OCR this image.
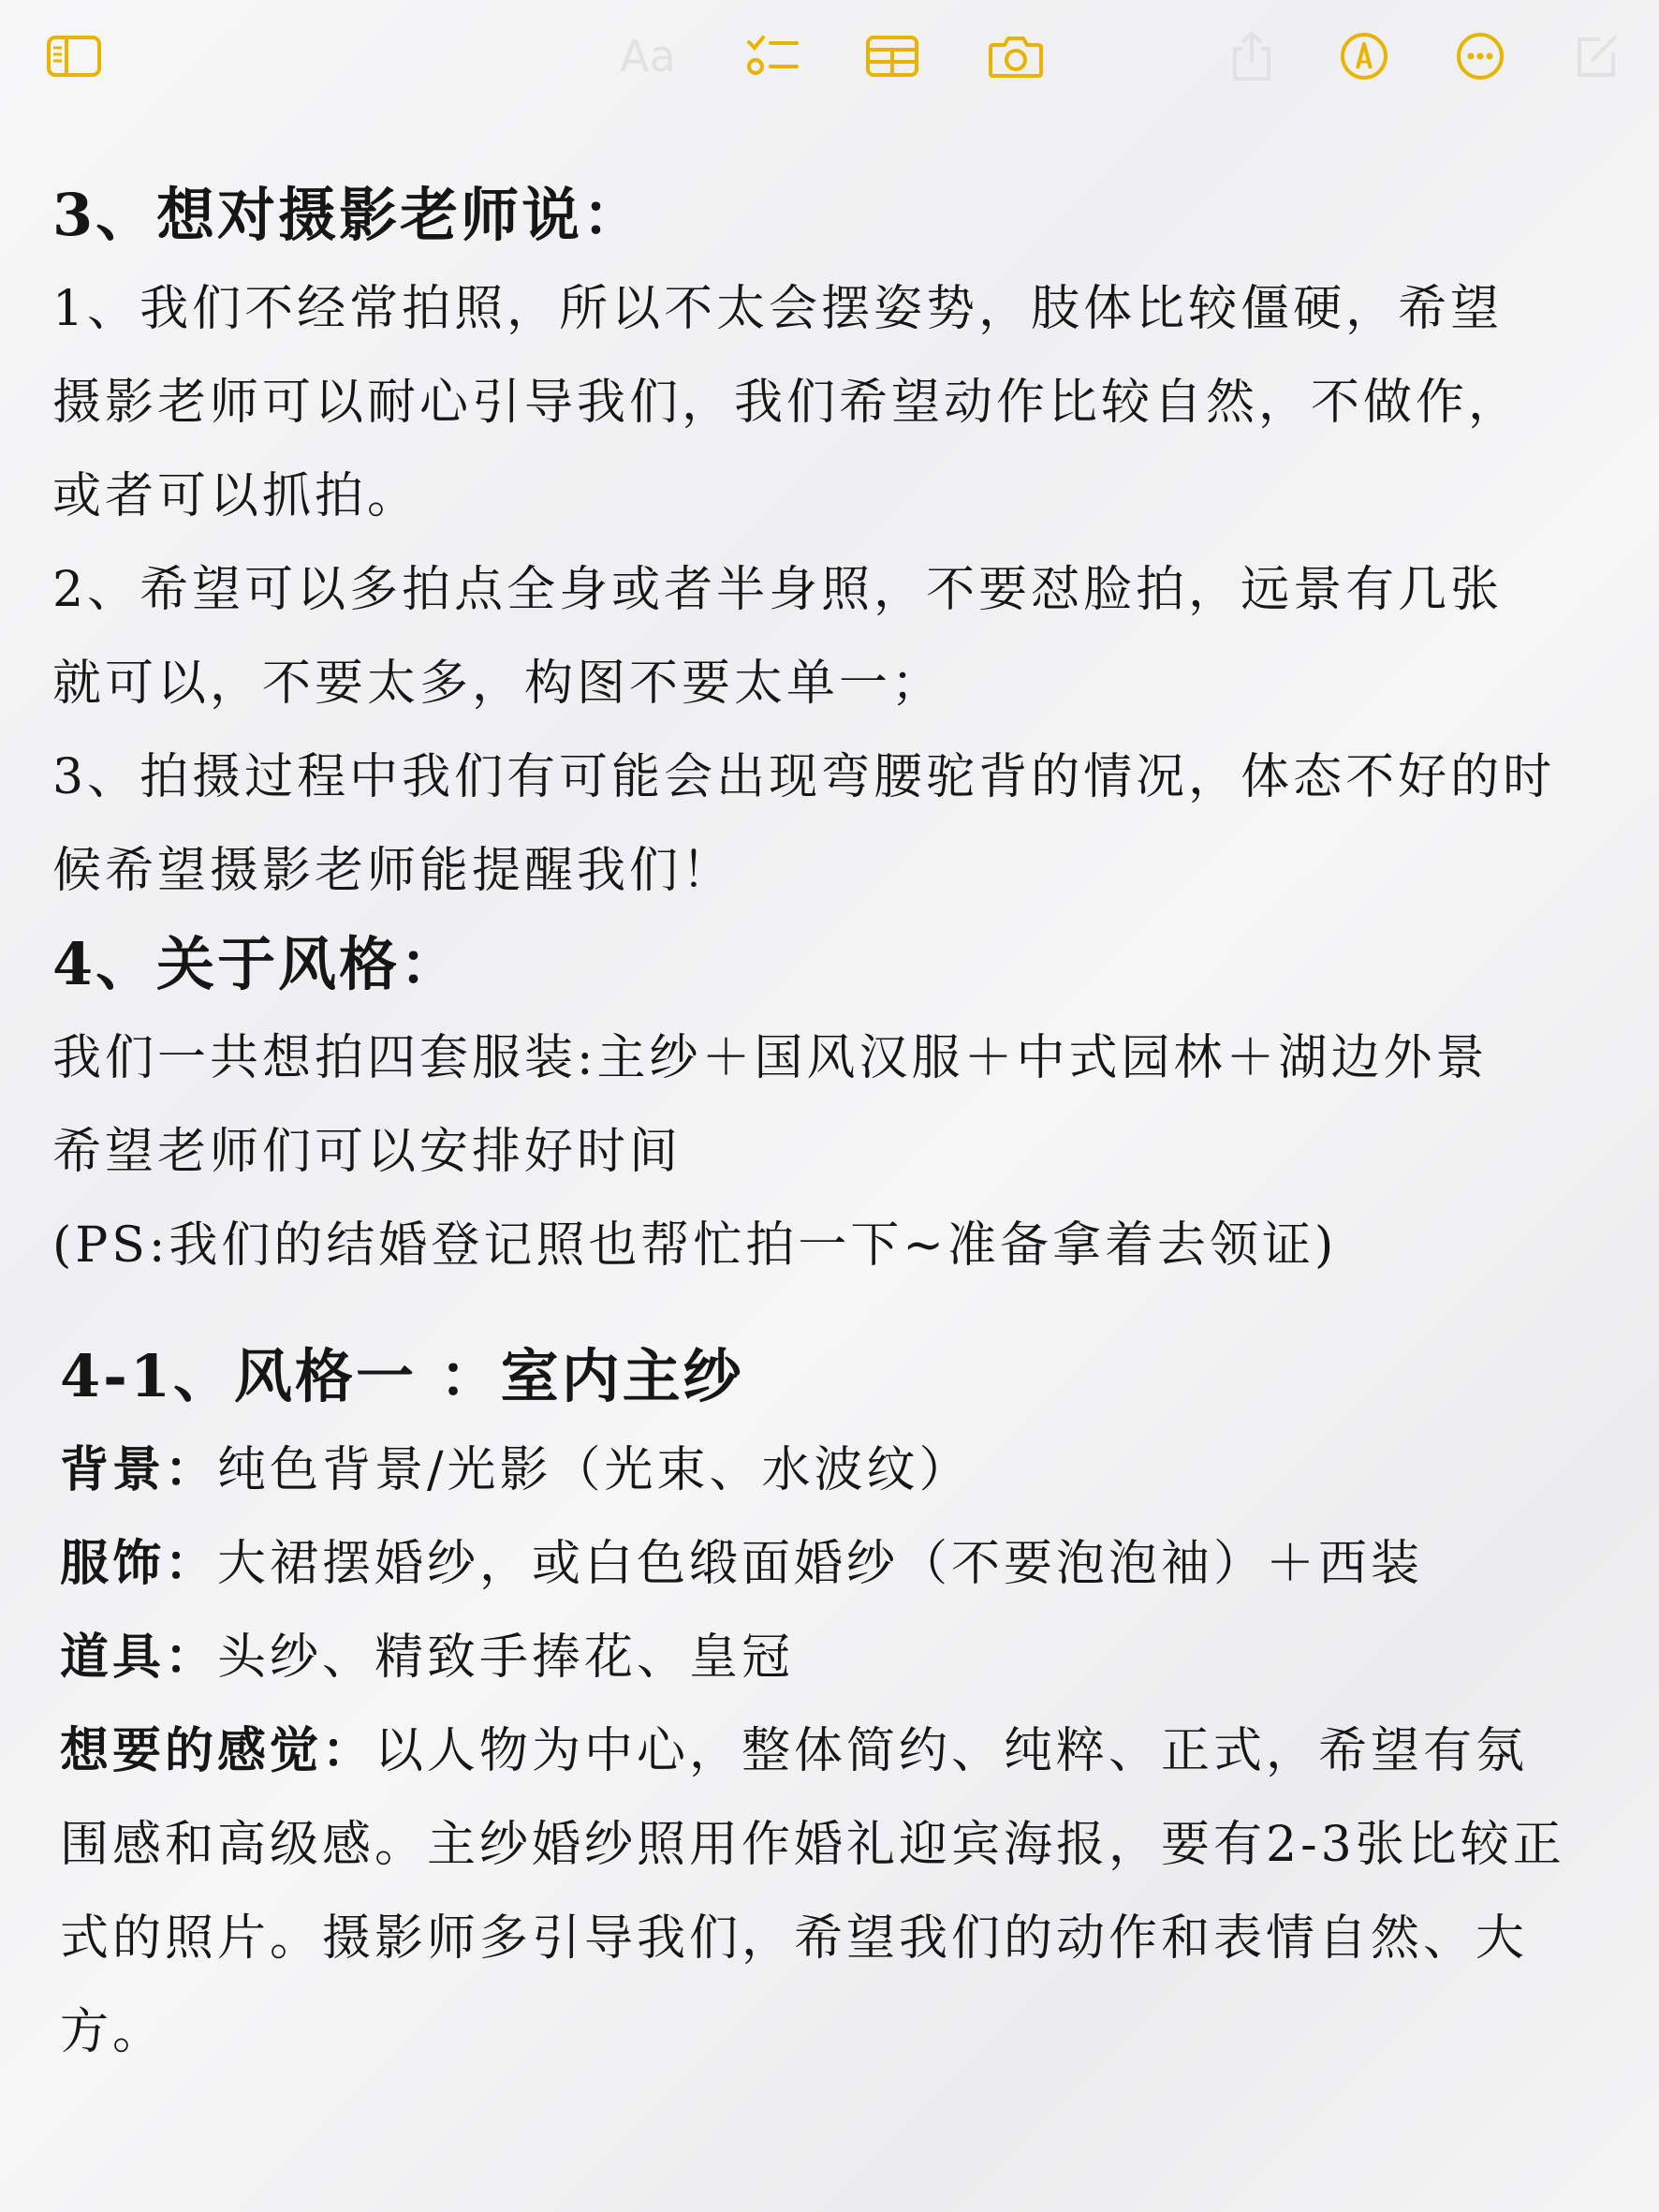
Aa

3、想对摄影老师说：

1、我们不经常拍照，所以不太会摆姿势，肢体比较僵硬，希望

摄影老师可以耐心引导我们，我们希望动作比较自然，不做作，

或者可以抓拍。

2、希望可以多拍点全身或者半身照，不要怼脸拍，远景有几张

就可以，不要太多，构图不要太单一；

3、拍摄过程中我们有可能会出现弯腰驼背的情况，体态不好的时

候希望摄影老师能提醒我们！

4、关于风格：

我们一共想拍四套服装:主纱＋国风汉服＋中式园林＋湖边外景

希望老师们可以安排好时间

(PS:我们的结婚登记照也帮忙拍一下~准备拿着去领证)

4-1、风格一 ：室内主纱

背景：纯色背景/光影（光束、水波纹）

服饰：大裙摆婚纱，或白色缎面婚纱（不要泡泡袖）＋西装

道具：头纱、精致手捧花、皇冠

想要的感觉：以人物为中心，整体简约、纯粹、正式，希望有氛

围感和高级感。主纱婚纱照用作婚礼迎宾海报，要有2-3张比较正

式的照片。摄影师多引导我们，希望我们的动作和表情自然、大

方。
